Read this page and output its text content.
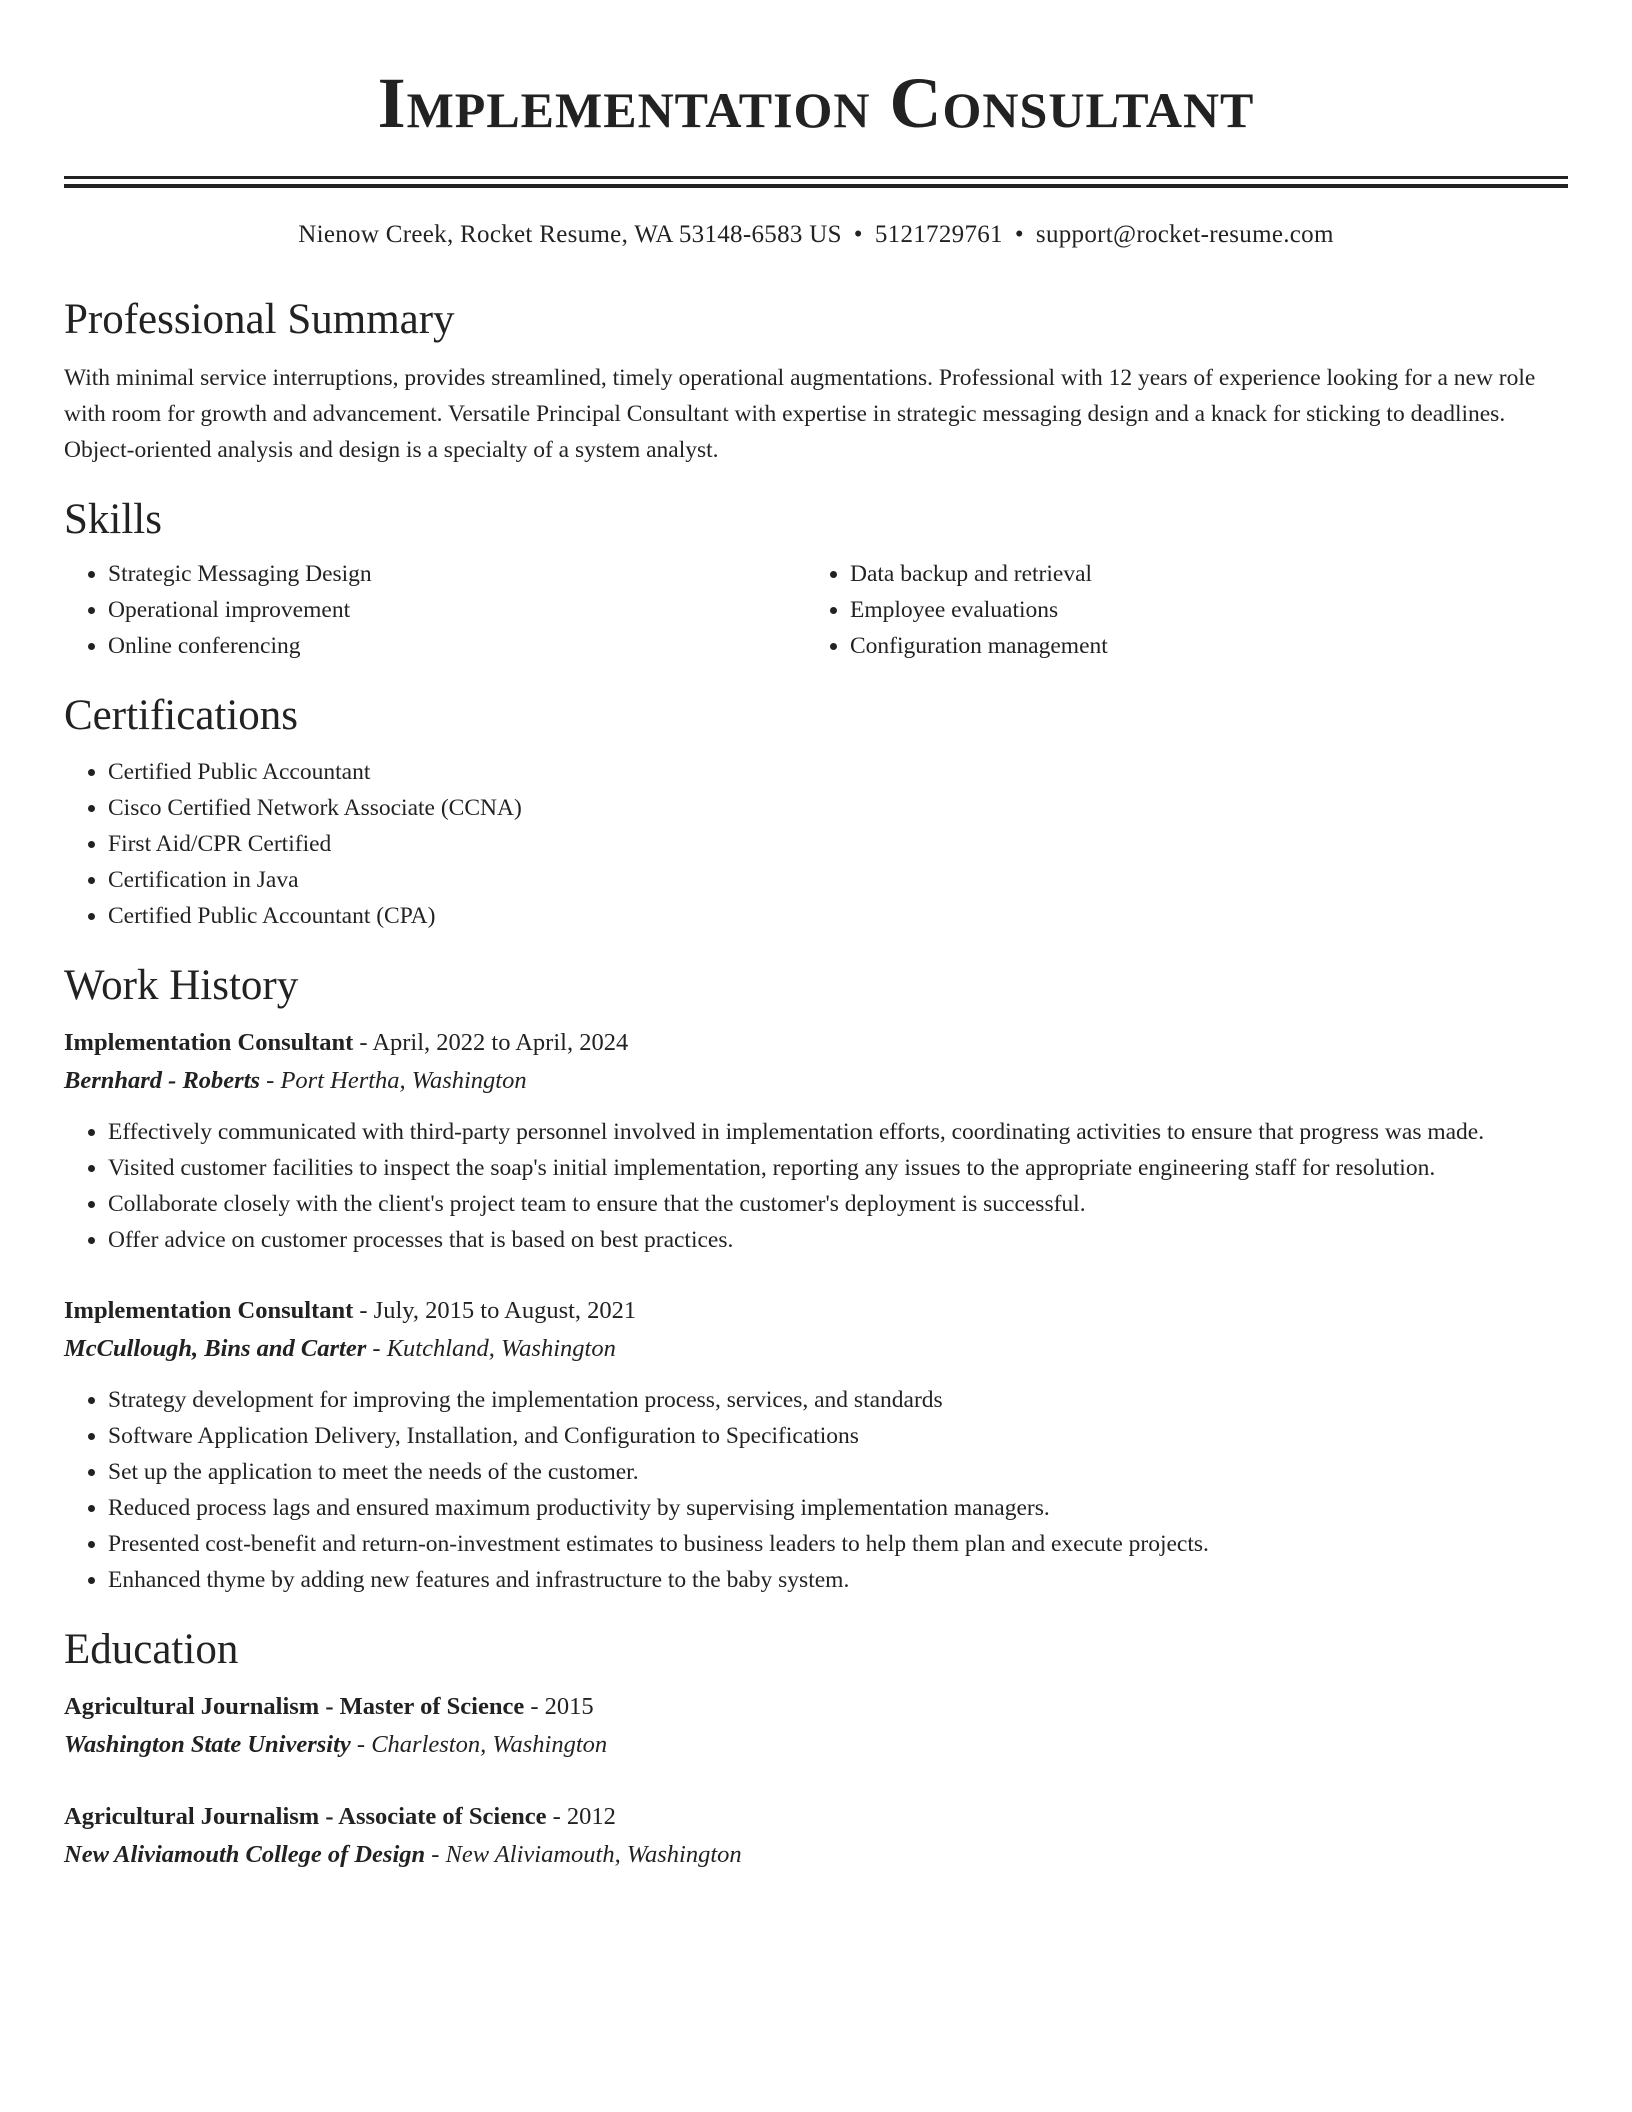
Implementation Consultant
Nienow Creek, Rocket Resume, WA 53148-6583 US • 5121729761 • support@rocket-resume.com
Professional Summary

With minimal service interruptions, provides streamlined, timely operational augmentations. Professional with 12 years of experience looking for a new role with room for growth and advancement. Versatile Principal Consultant with expertise in strategic messaging design and a knack for sticking to deadlines. Object-oriented analysis and design is a specialty of a system analyst.

Skills
• Strategic Messaging Design
• Operational improvement
• Online conferencing
• Data backup and retrieval
• Employee evaluations
• Configuration management
Certifications
• Certified Public Accountant
• Cisco Certified Network Associate (CCNA)
• First Aid/CPR Certified
• Certification in Java
• Certified Public Accountant (CPA)
Work History
Implementation Consultant - April, 2022 to April, 2024
Bernhard - Roberts - Port Hertha, Washington
• Effectively communicated with third-party personnel involved in implementation efforts, coordinating activities to ensure that progress was made.
• Visited customer facilities to inspect the soap's initial implementation, reporting any issues to the appropriate engineering staff for resolution.
• Collaborate closely with the client's project team to ensure that the customer's deployment is successful.
• Offer advice on customer processes that is based on best practices.
Implementation Consultant - July, 2015 to August, 2021
McCullough, Bins and Carter - Kutchland, Washington
• Strategy development for improving the implementation process, services, and standards
• Software Application Delivery, Installation, and Configuration to Specifications
• Set up the application to meet the needs of the customer.
• Reduced process lags and ensured maximum productivity by supervising implementation managers.
• Presented cost-benefit and return-on-investment estimates to business leaders to help them plan and execute projects.
• Enhanced thyme by adding new features and infrastructure to the baby system.
Education
Agricultural Journalism - Master of Science - 2015
Washington State University - Charleston, Washington
Agricultural Journalism - Associate of Science - 2012
New Aliviamouth College of Design - New Aliviamouth, Washington
